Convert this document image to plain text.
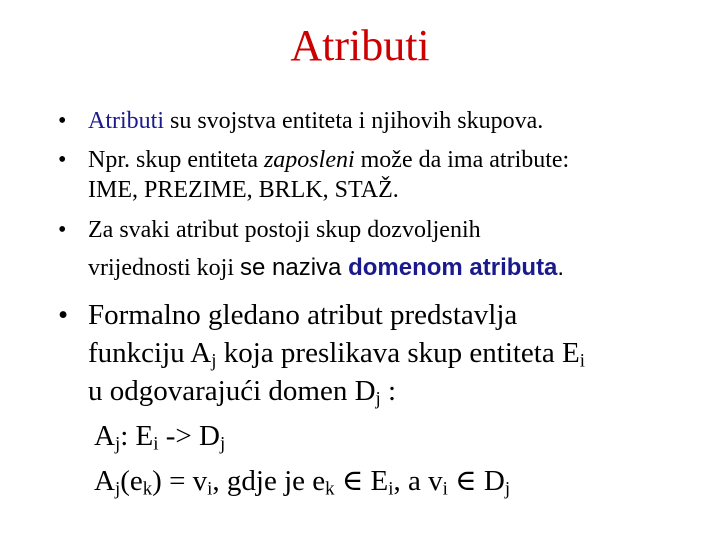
Atributi
• Atributi su svojstva entiteta i njihovih skupova.
• Npr. skup entiteta zaposleni može da ima atribute:
IME, PREZIME, BRLK, STAŽ.
• Za svaki atribut postoji skup dozvoljenih
vrijednosti koji se naziva domenom atributa.
• Formalno gledano atribut predstavlja
funkciju $A_j$ koja preslikava skup entiteta $E_i$
u odgovarajući domen $D_j$ :
$A_j$: $E_i -> D_j$
$A_j(e_k) = v_i$, gdje je $e_k$ ∈ $E_i$, a $v_i$ ∈ $D_j$
